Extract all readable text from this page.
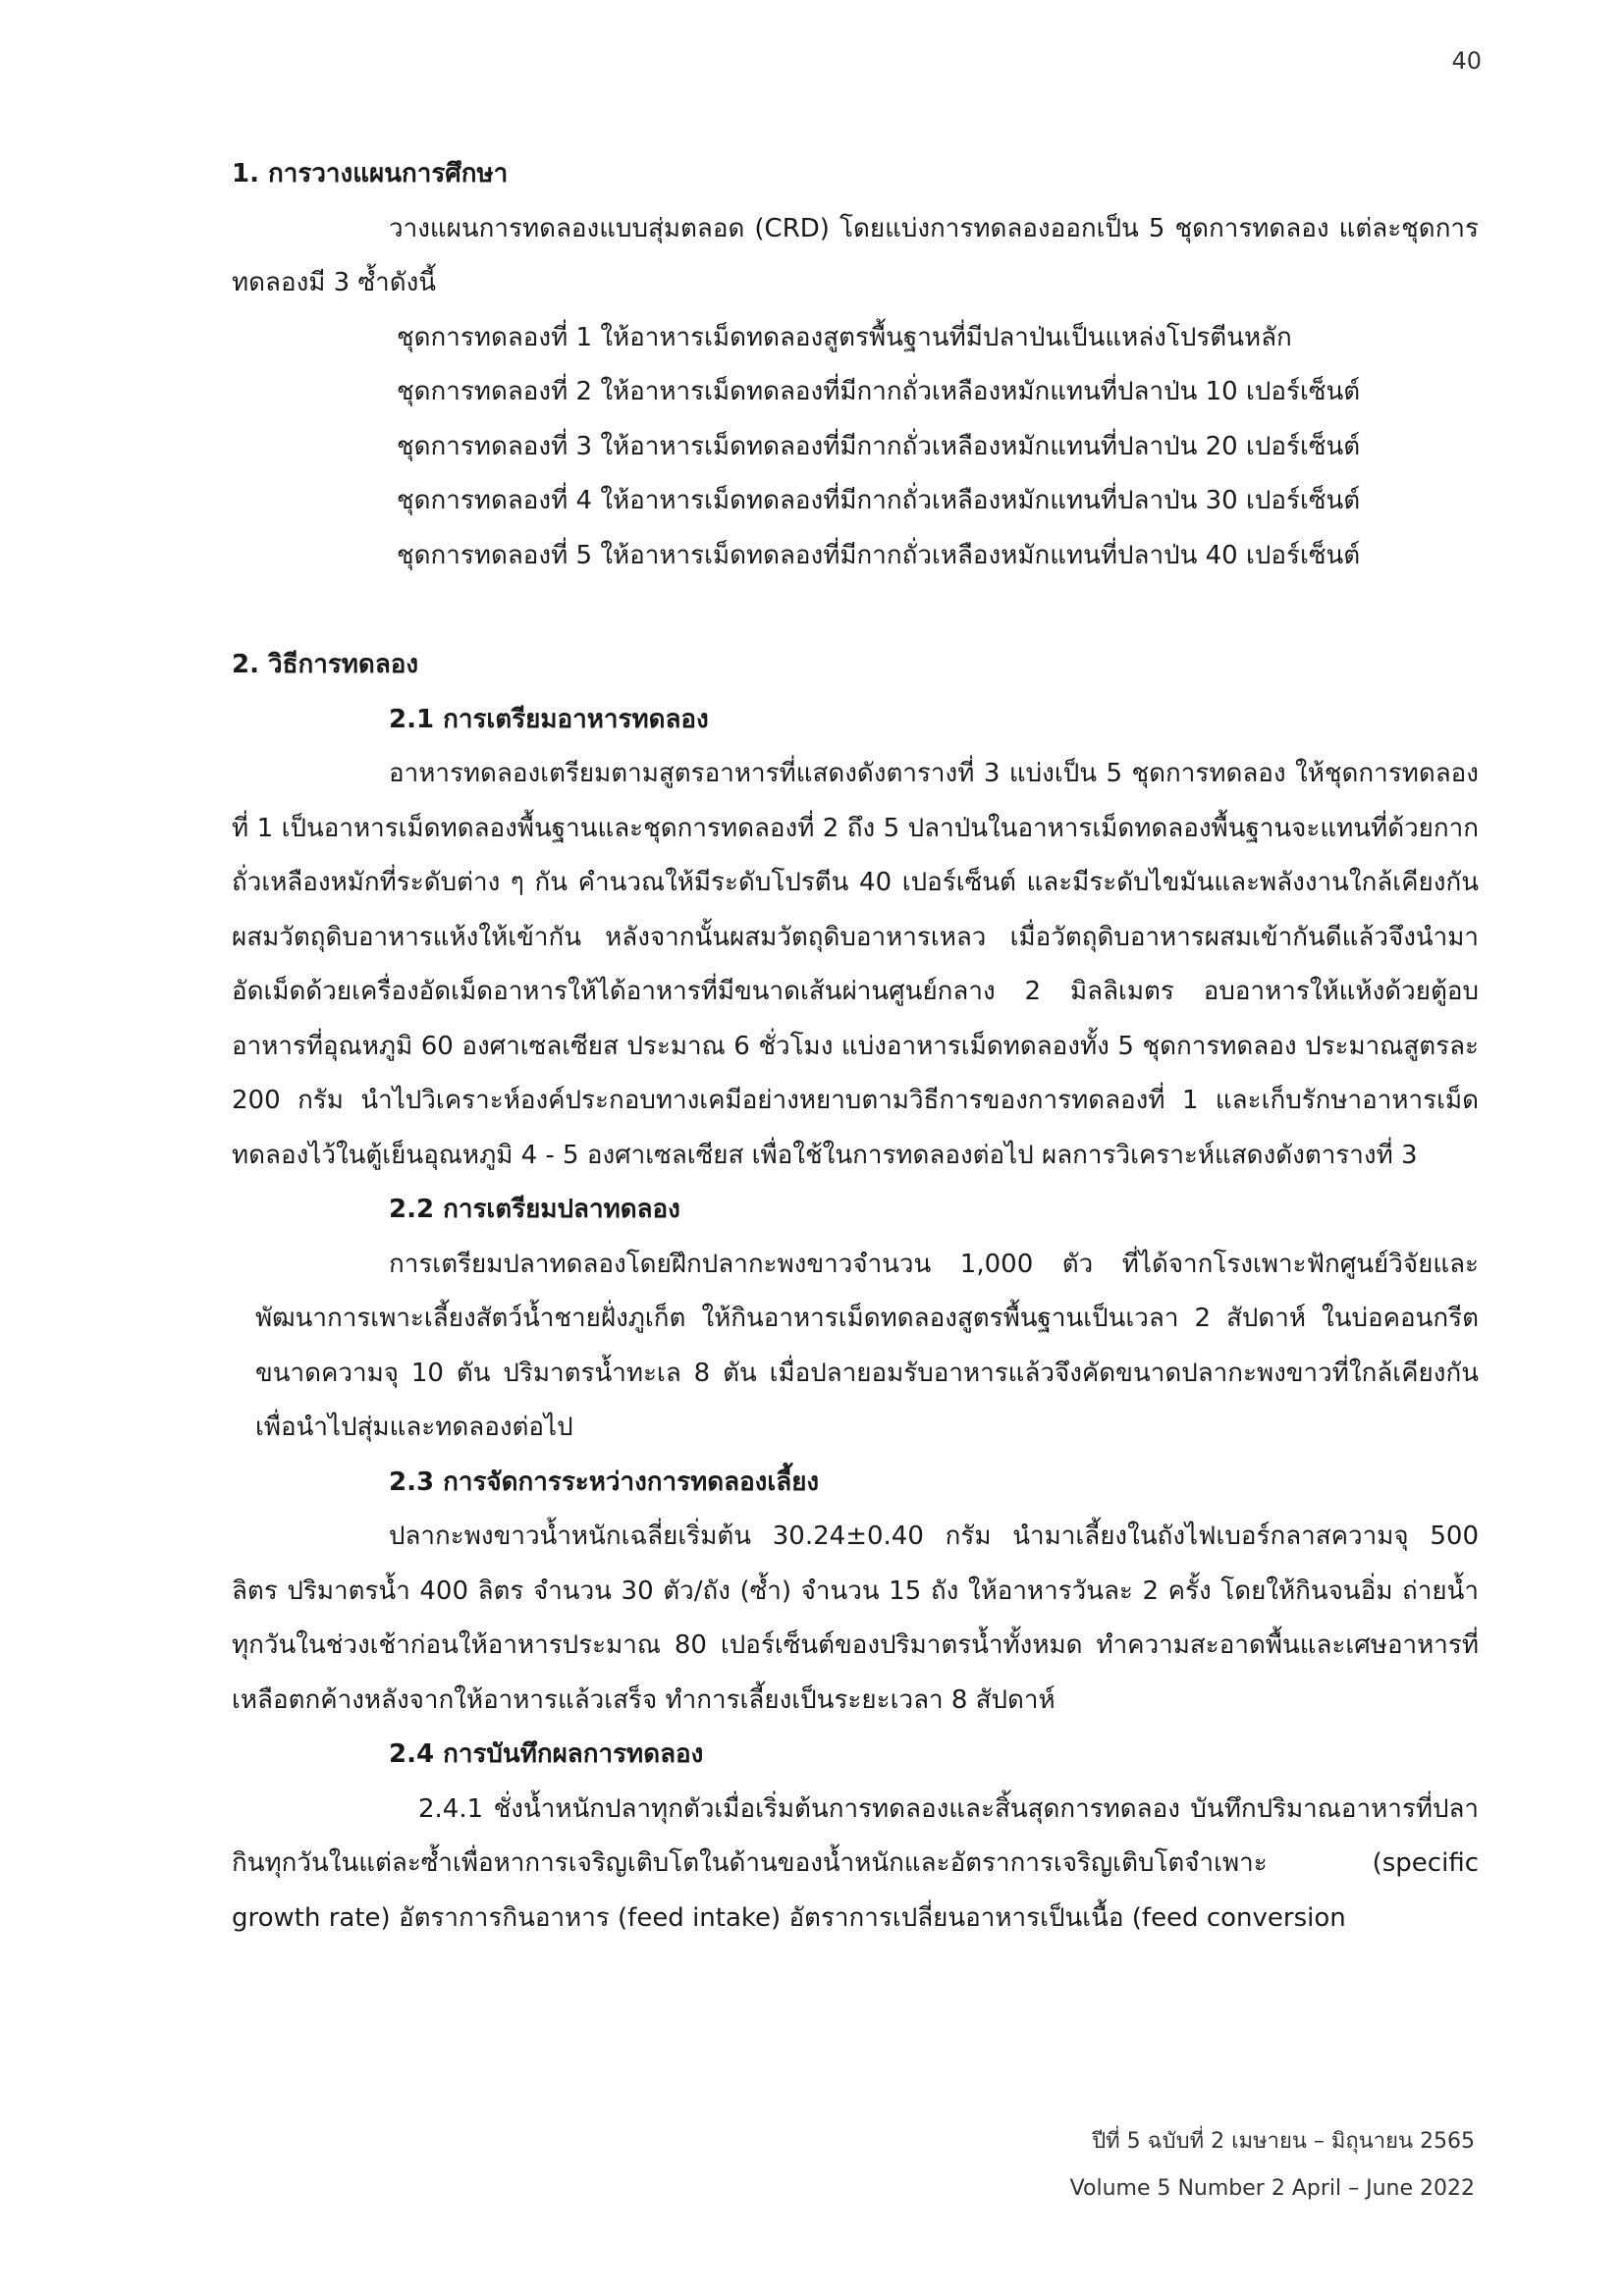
40

1. การวางแผนการศึกษา

วางแผนการทดลองแบบสุ่มตลอด (CRD) โดยแบ่งการทดลองออกเป็น 5 ชุดการทดลอง แต่ละชุดการทดลองมี 3 ซ้ำดังนี้

ชุดการทดลองที่ 1 ให้อาหารเม็ดทดลองสูตรพื้นฐานที่มีปลาป่นเป็นแหล่งโปรตีนหลัก
ชุดการทดลองที่ 2 ให้อาหารเม็ดทดลองที่มีกากถั่วเหลืองหมักแทนที่ปลาป่น 10 เปอร์เซ็นต์
ชุดการทดลองที่ 3 ให้อาหารเม็ดทดลองที่มีกากถั่วเหลืองหมักแทนที่ปลาป่น 20 เปอร์เซ็นต์
ชุดการทดลองที่ 4 ให้อาหารเม็ดทดลองที่มีกากถั่วเหลืองหมักแทนที่ปลาป่น 30 เปอร์เซ็นต์
ชุดการทดลองที่ 5 ให้อาหารเม็ดทดลองที่มีกากถั่วเหลืองหมักแทนที่ปลาป่น 40 เปอร์เซ็นต์

2. วิธีการทดลอง

2.1 การเตรียมอาหารทดลอง

อาหารทดลองเตรียมตามสูตรอาหารที่แสดงดังตารางที่ 3 แบ่งเป็น 5 ชุดการทดลอง ให้ชุดการทดลองที่ 1 เป็นอาหารเม็ดทดลองพื้นฐานและชุดการทดลองที่ 2 ถึง 5 ปลาป่นในอาหารเม็ดทดลองพื้นฐานจะแทนที่ด้วยกากถั่วเหลืองหมักที่ระดับต่าง ๆ กัน คำนวณให้มีระดับโปรตีน 40 เปอร์เซ็นต์ และมีระดับไขมันและพลังงานใกล้เคียงกัน ผสมวัตถุดิบอาหารแห้งให้เข้ากัน หลังจากนั้นผสมวัตถุดิบอาหารเหลว เมื่อวัตถุดิบอาหารผสมเข้ากันดีแล้วจึงนำมาอัดเม็ดด้วยเครื่องอัดเม็ดอาหารให้ได้อาหารที่มีขนาดเส้นผ่านศูนย์กลาง 2 มิลลิเมตร อบอาหารให้แห้งด้วยตู้อบอาหารที่อุณหภูมิ 60 องศาเซลเซียส ประมาณ 6 ชั่วโมง แบ่งอาหารเม็ดทดลองทั้ง 5 ชุดการทดลอง ประมาณสูตรละ 200 กรัม นำไปวิเคราะห์องค์ประกอบทางเคมีอย่างหยาบตามวิธีการของการทดลองที่ 1 และเก็บรักษาอาหารเม็ดทดลองไว้ในตู้เย็นอุณหภูมิ 4 - 5 องศาเซลเซียส เพื่อใช้ในการทดลองต่อไป ผลการวิเคราะห์แสดงดังตารางที่ 3

2.2 การเตรียมปลาทดลอง

การเตรียมปลาทดลองโดยฝึกปลากะพงขาวจำนวน 1,000 ตัว ที่ได้จากโรงเพาะฟักศูนย์วิจัยและพัฒนาการเพาะเลี้ยงสัตว์น้ำชายฝั่งภูเก็ต ให้กินอาหารเม็ดทดลองสูตรพื้นฐานเป็นเวลา 2 สัปดาห์ ในบ่อคอนกรีตขนาดความจุ 10 ตัน ปริมาตรน้ำทะเล 8 ตัน เมื่อปลายอมรับอาหารแล้วจึงคัดขนาดปลากะพงขาวที่ใกล้เคียงกันเพื่อนำไปสุ่มและทดลองต่อไป

2.3 การจัดการระหว่างการทดลองเลี้ยง

ปลากะพงขาวน้ำหนักเฉลี่ยเริ่มต้น 30.24±0.40 กรัม นำมาเลี้ยงในถังไฟเบอร์กลาสความจุ 500 ลิตร ปริมาตรน้ำ 400 ลิตร จำนวน 30 ตัว/ถัง (ซ้ำ) จำนวน 15 ถัง ให้อาหารวันละ 2 ครั้ง โดยให้กินจนอิ่ม ถ่ายน้ำทุกวันในช่วงเช้าก่อนให้อาหารประมาณ 80 เปอร์เซ็นต์ของปริมาตรน้ำทั้งหมด ทำความสะอาดพื้นและเศษอาหารที่เหลือตกค้างหลังจากให้อาหารแล้วเสร็จ ทำการเลี้ยงเป็นระยะเวลา 8 สัปดาห์

2.4 การบันทึกผลการทดลอง

2.4.1 ชั่งน้ำหนักปลาทุกตัวเมื่อเริ่มต้นการทดลองและสิ้นสุดการทดลอง บันทึกปริมาณอาหารที่ปลากินทุกวันในแต่ละซ้ำเพื่อหาการเจริญเติบโตในด้านของน้ำหนักและอัตราการเจริญเติบโตจำเพาะ (specific growth rate) อัตราการกินอาหาร (feed intake) อัตราการเปลี่ยนอาหารเป็นเนื้อ (feed conversion

ปีที่ 5 ฉบับที่ 2 เมษายน – มิถุนายน 2565
Volume 5 Number 2 April – June 2022
